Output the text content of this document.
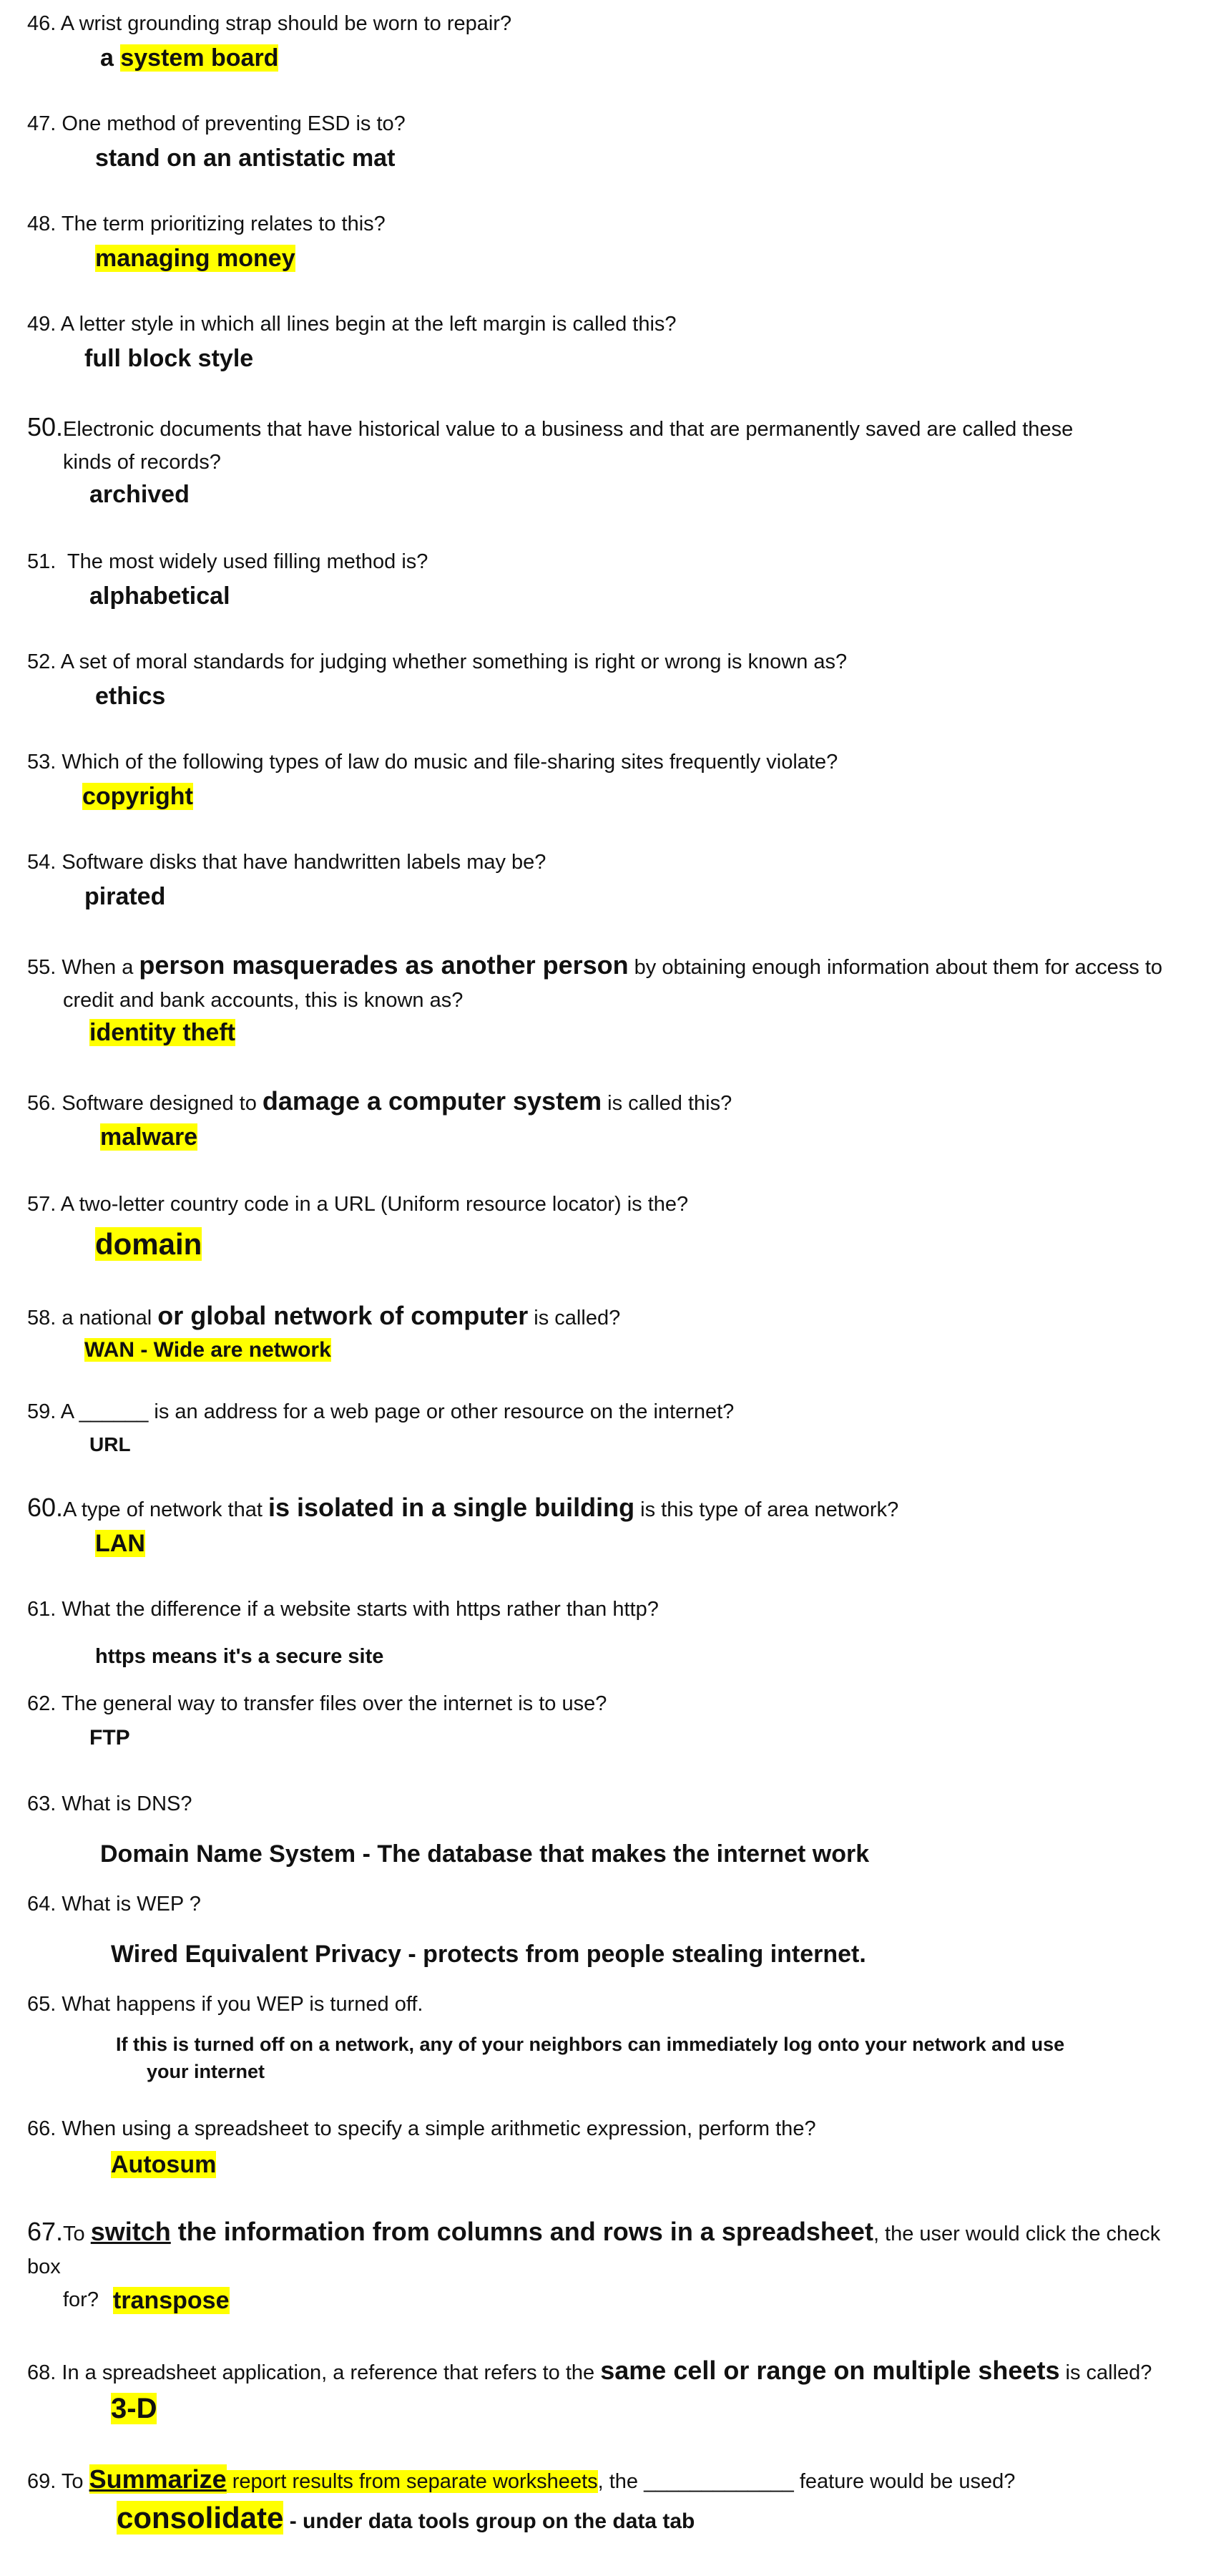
46. A wrist grounding strap should be worn to repair?
a system board
47. One method of preventing ESD is to?
stand on an antistatic mat
48. The term prioritizing relates to this?
managing money
49. A letter style in which all lines begin at the left margin is called this?
full block style
50.Electronic documents that have historical value to a business and that are permanently saved are called these
kinds of records?
archived
51.  The most widely used filling method is?
alphabetical
52. A set of moral standards for judging whether something is right or wrong is known as?
ethics
53. Which of the following types of law do music and file-sharing sites frequently violate?
copyright
54. Software disks that have handwritten labels may be?
pirated
55. When a person masquerades as another person by obtaining enough information about them for access to
credit and bank accounts, this is known as?
identity theft
56. Software designed to damage a computer system is called this?
malware
57. A two-letter country code in a URL (Uniform resource locator) is the?
domain
58. a national or global network of computer is called?
WAN - Wide are network
59. A ______ is an address for a web page or other resource on the internet?
URL
60.A type of network that is isolated in a single building is this type of area network?
LAN
61. What the difference if a website starts with https rather than http?
https means it's a secure site
62. The general way to transfer files over the internet is to use?
FTP
63. What is DNS?
Domain Name System - The database that makes the internet work
64. What is WEP ?
Wired Equivalent Privacy - protects from people stealing internet.
65. What happens if you WEP is turned off.
If this is turned off on a network, any of your neighbors can immediately log onto your network and use
your internet
66. When using a spreadsheet to specify a simple arithmetic expression, perform the?
Autosum
67.To switch the information from columns and rows in a spreadsheet, the user would click the check box
for? transpose
68. In a spreadsheet application, a reference that refers to the same cell or range on multiple sheets is called?
3-D
69. To Summarize report results from separate worksheets, the _____________ feature would be used?
consolidate - under data tools group on the data tab
